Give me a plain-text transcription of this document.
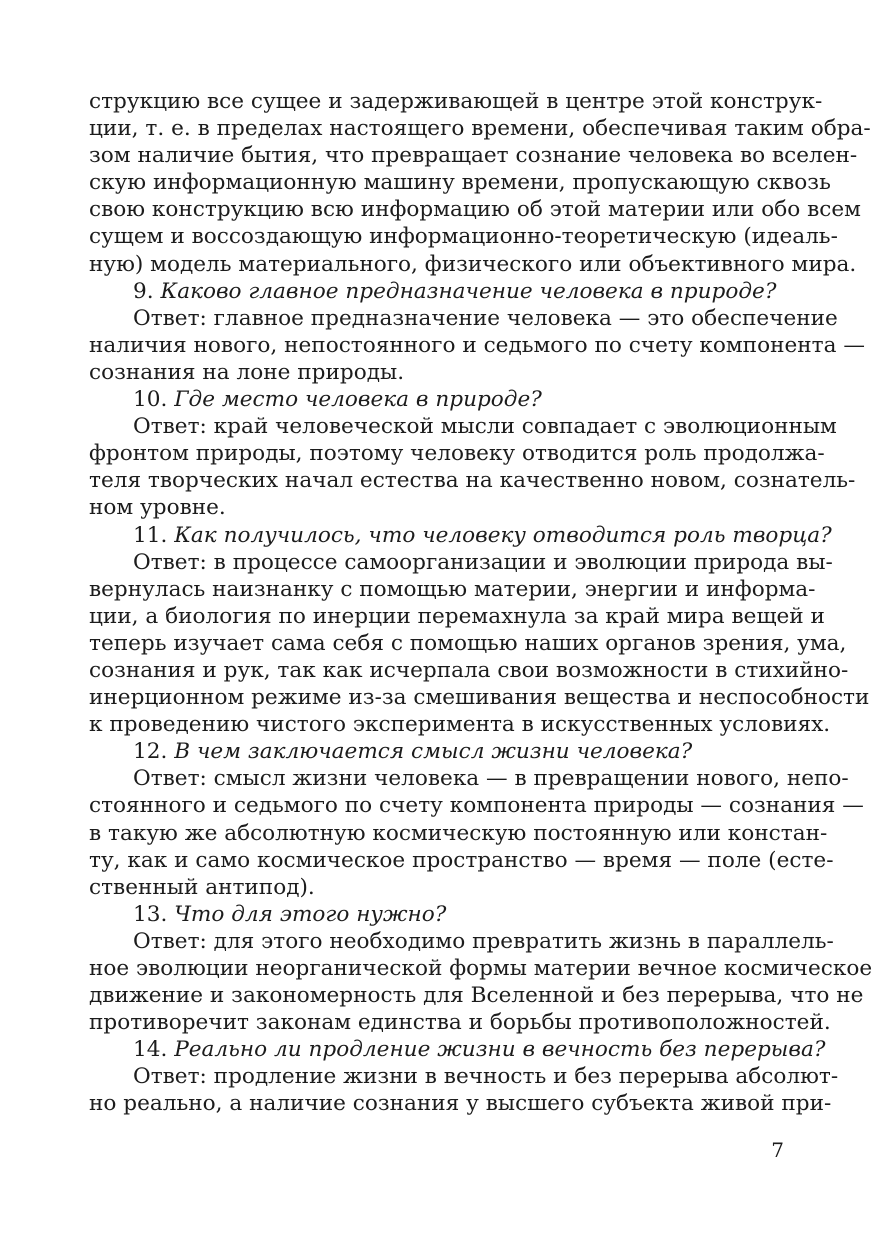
струкцию все сущее и задерживающей в центре этой конструк-
ции, т. е. в пределах настоящего времени, обеспечивая таким обра-
зом наличие бытия, что превращает сознание человека во вселен-
скую информационную машину времени, пропускающую сквозь
свою конструкцию всю информацию об этой материи или обо всем
сущем и воссоздающую информационно-теоретическую (идеаль-
ную) модель материального, физического или объективного мира.
9. Каково главное предназначение человека в природе?
Ответ: главное предназначение человека — это обеспечение
наличия нового, непостоянного и седьмого по счету компонента —
сознания на лоне природы.
10. Где место человека в природе?
Ответ: край человеческой мысли совпадает с эволюционным
фронтом природы, поэтому человеку отводится роль продолжа-
теля творческих начал естества на качественно новом, сознатель-
ном уровне.
11. Как получилось, что человеку отводится роль творца?
Ответ: в процессе самоорганизации и эволюции природа вы-
вернулась наизнанку с помощью материи, энергии и информа-
ции, а биология по инерции перемахнула за край мира вещей и
теперь изучает сама себя с помощью наших органов зрения, ума,
сознания и рук, так как исчерпала свои возможности в стихийно-
инерционном режиме из-за смешивания вещества и неспособности
к проведению чистого эксперимента в искусственных условиях.
12. В чем заключается смысл жизни человека?
Ответ: смысл жизни человека — в превращении нового, непо-
стоянного и седьмого по счету компонента природы — сознания —
в такую же абсолютную космическую постоянную или констан-
ту, как и само космическое пространство — время — поле (есте-
ственный антипод).
13. Что для этого нужно?
Ответ: для этого необходимо превратить жизнь в параллель-
ное эволюции неорганической формы материи вечное космическое
движение и закономерность для Вселенной и без перерыва, что не
противоречит законам единства и борьбы противоположностей.
14. Реально ли продление жизни в вечность без перерыва?
Ответ: продление жизни в вечность и без перерыва абсолют-
но реально, а наличие сознания у высшего субъекта живой при-
7
